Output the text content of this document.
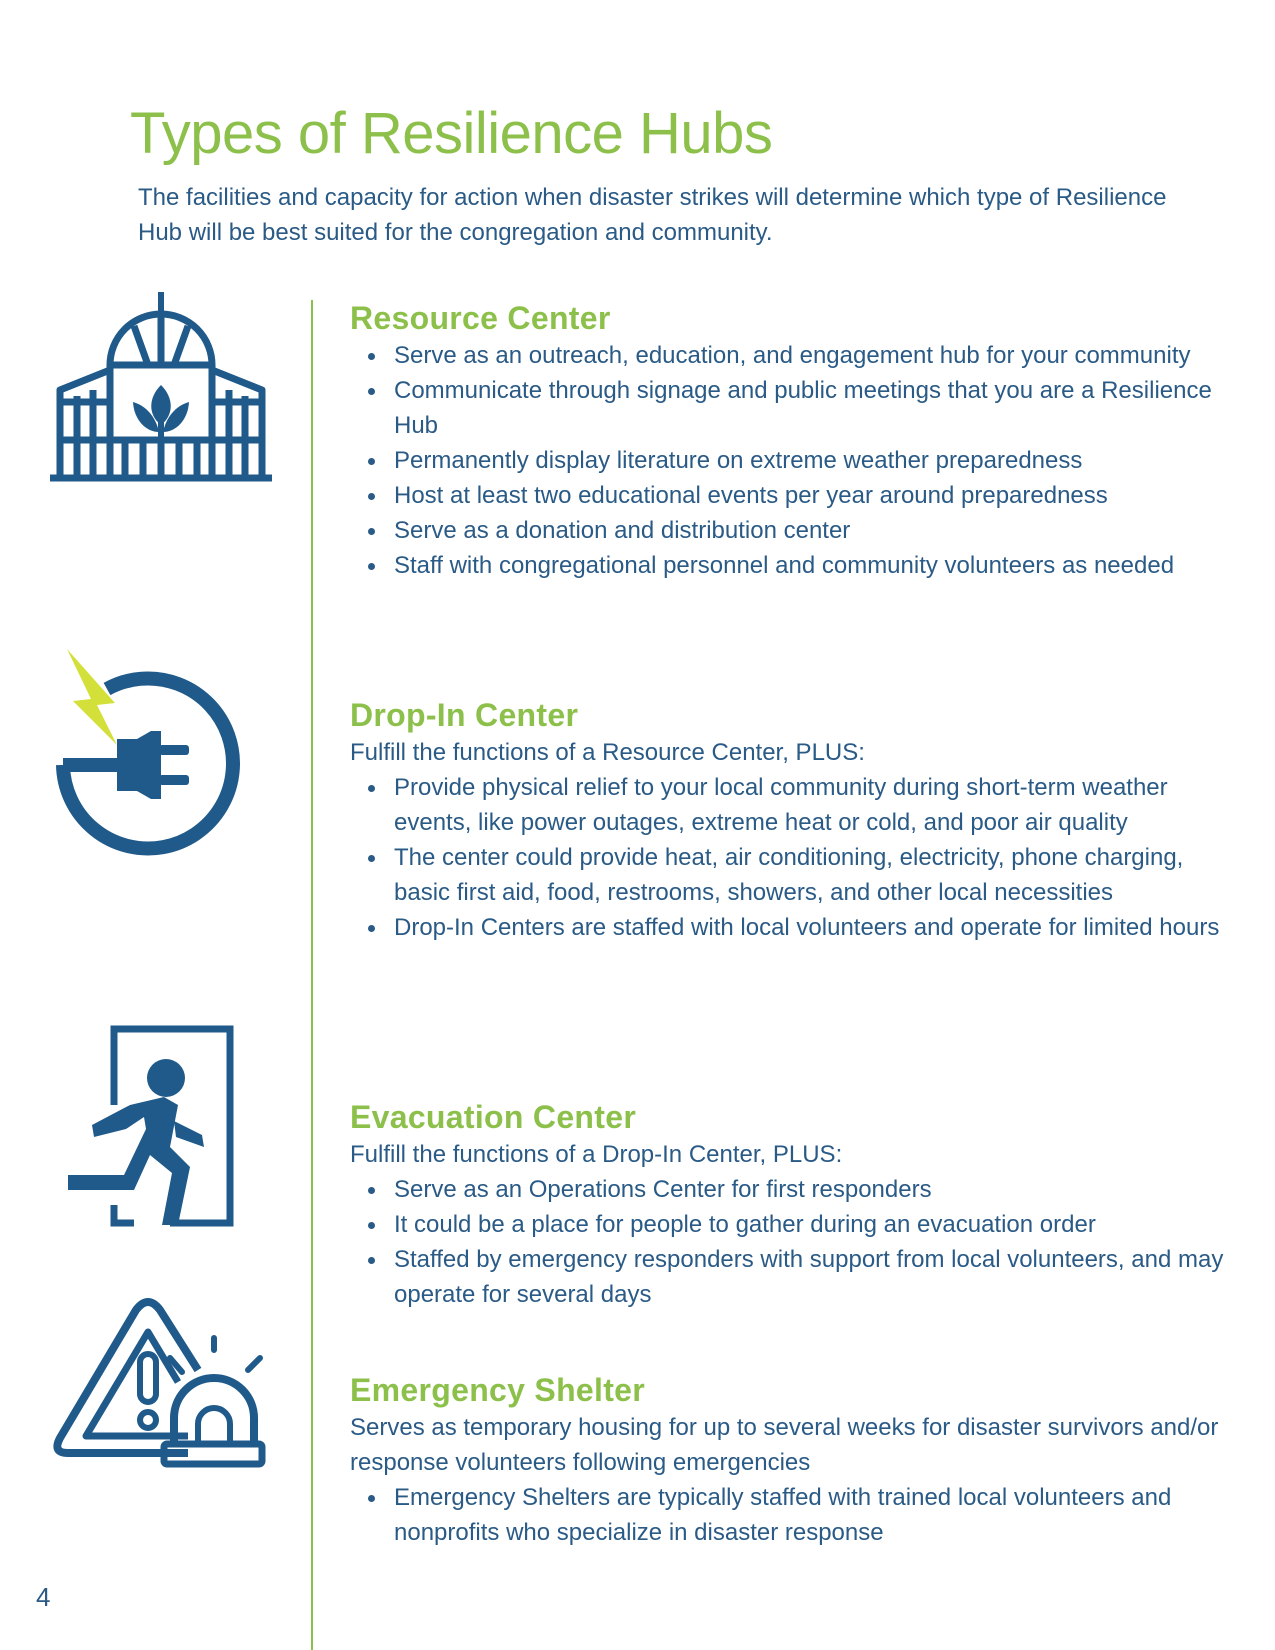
Types of Resilience Hubs

The facilities and capacity for action when disaster strikes will determine which type of Resilience Hub will be best suited for the congregation and community.

Resource Center
Serve as an outreach, education, and engagement hub for your community
Communicate through signage and public meetings that you are a Resilience Hub
Permanently display literature on extreme weather preparedness
Host at least two educational events per year around preparedness
Serve as a donation and distribution center
Staff with congregational personnel and community volunteers as needed
Drop-In Center

Fulfill the functions of a Resource Center, PLUS:

Provide physical relief to your local community during short-term weather events, like power outages, extreme heat or cold, and poor air quality
The center could provide heat, air conditioning, electricity, phone charging, basic first aid, food, restrooms, showers, and other local necessities
Drop-In Centers are staffed with local volunteers and operate for limited hours
Evacuation Center

Fulfill the functions of a Drop-In Center, PLUS:

Serve as an Operations Center for first responders
It could be a place for people to gather during an evacuation order
Staffed by emergency responders with support from local volunteers, and may operate for several days
Emergency Shelter

Serves as temporary housing for up to several weeks for disaster survivors and/or response volunteers following emergencies

Emergency Shelters are typically staffed with trained local volunteers and nonprofits who specialize in disaster response
4
